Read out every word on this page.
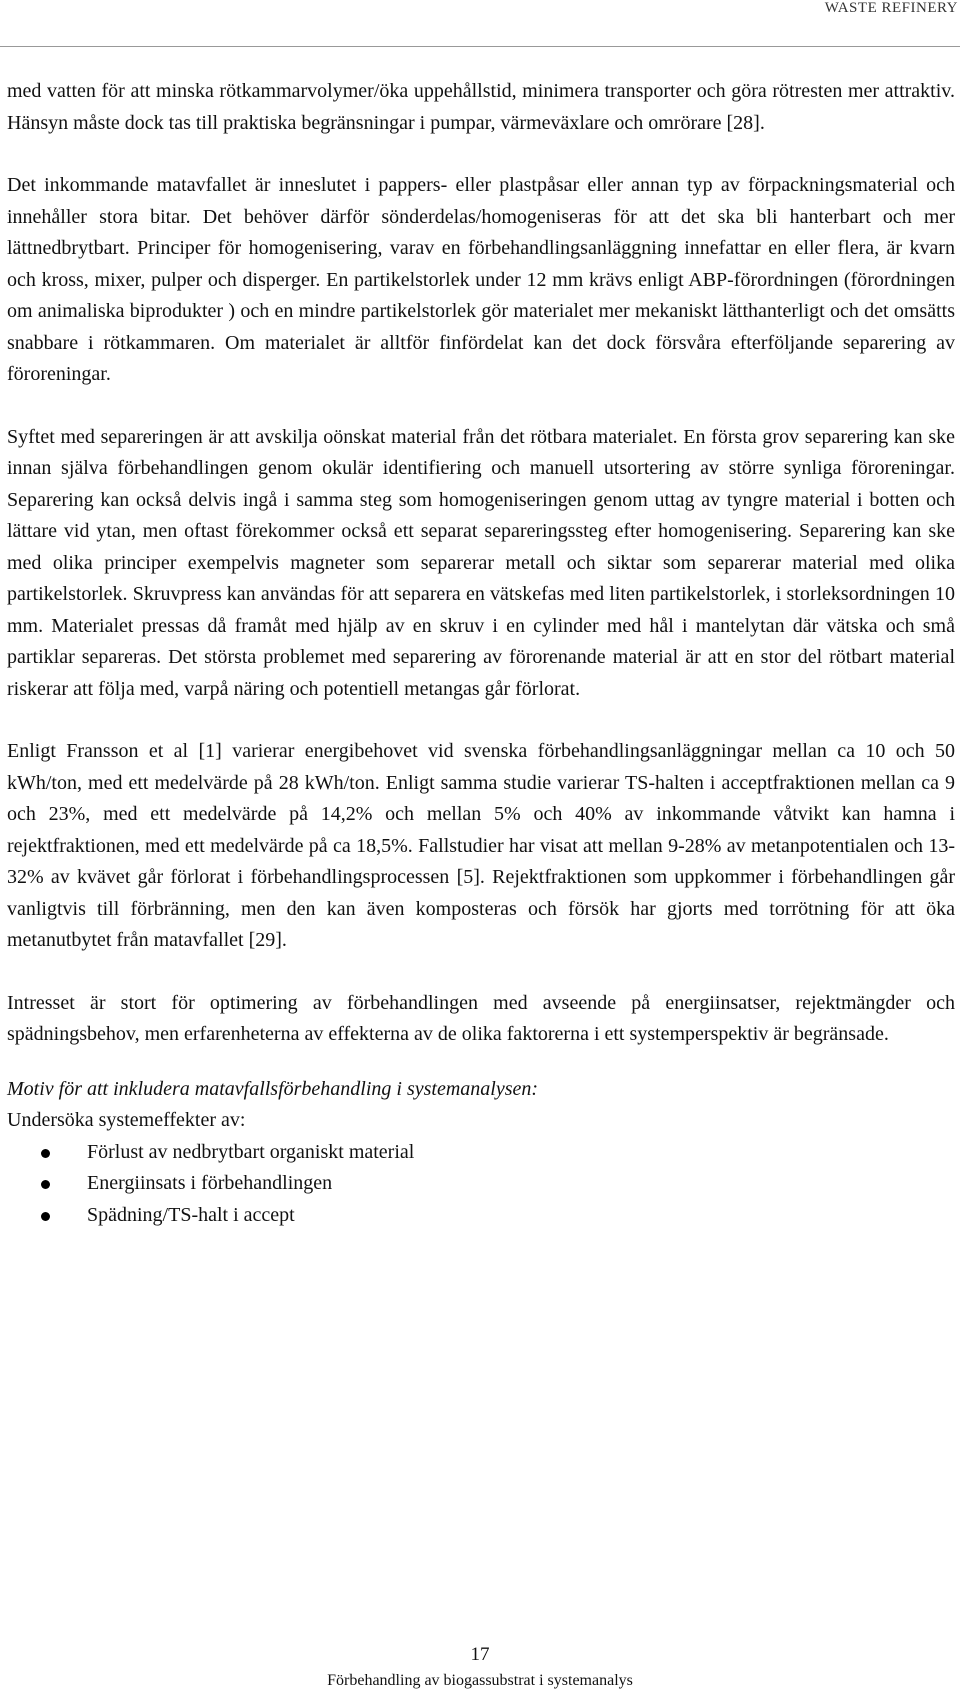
WASTE REFINERY

med vatten för att minska rötkammarvolymer/öka uppehållstid, minimera transporter och göra rötresten mer attraktiv. Hänsyn måste dock tas till praktiska begränsningar i pumpar, värmeväxlare och omrörare [28].

Det inkommande matavfallet är inneslutet i pappers- eller plastpåsar eller annan typ av förpackningsmaterial och innehåller stora bitar. Det behöver därför sönderdelas/homogeniseras för att det ska bli hanterbart och mer lättnedbrytbart. Principer för homogenisering, varav en förbehandlingsanläggning innefattar en eller flera, är kvarn och kross, mixer, pulper och disperger. En partikelstorlek under 12 mm krävs enligt ABP-förordningen (förordningen om animaliska biprodukter ) och en mindre partikelstorlek gör materialet mer mekaniskt lätthanterligt och det omsätts snabbare i rötkammaren. Om materialet är alltför finfördelat kan det dock försvåra efterföljande separering av föroreningar.

Syftet med separeringen är att avskilja oönskat material från det rötbara materialet. En första grov separering kan ske innan själva förbehandlingen genom okulär identifiering och manuell utsortering av större synliga föroreningar. Separering kan också delvis ingå i samma steg som homogeniseringen genom uttag av tyngre material i botten och lättare vid ytan, men oftast förekommer också ett separat separeringssteg efter homogenisering. Separering kan ske med olika principer exempelvis magneter som separerar metall och siktar som separerar material med olika partikelstorlek. Skruvpress kan användas för att separera en vätskefas med liten partikelstorlek, i storleksordningen 10 mm. Materialet pressas då framåt med hjälp av en skruv i en cylinder med hål i mantelytan där vätska och små partiklar separeras. Det största problemet med separering av förorenande material är att en stor del rötbart material riskerar att följa med, varpå näring och potentiell metangas går förlorat.

Enligt Fransson et al [1] varierar energibehovet vid svenska förbehandlingsanläggningar mellan ca 10 och 50 kWh/ton, med ett medelvärde på 28 kWh/ton. Enligt samma studie varierar TS-halten i acceptfraktionen mellan ca 9 och 23%, med ett medelvärde på 14,2% och mellan 5% och 40% av inkommande våtvikt kan hamna i rejektfraktionen, med ett medelvärde på ca 18,5%. Fallstudier har visat att mellan 9-28% av metanpotentialen och 13-32% av kvävet går förlorat i förbehandlingsprocessen [5]. Rejektfraktionen som uppkommer i förbehandlingen går vanligtvis till förbränning, men den kan även komposteras och försök har gjorts med torrötning för att öka metanutbytet från matavfallet [29].

Intresset är stort för optimering av förbehandlingen med avseende på energiinsatser, rejektmängder och spädningsbehov, men erfarenheterna av effekterna av de olika faktorerna i ett systemperspektiv är begränsade.

Motiv för att inkludera matavfallsförbehandling i systemanalysen:

Undersöka systemeffekter av:

Förlust av nedbrytbart organiskt material
Energiinsats i förbehandlingen
Spädning/TS-halt i accept
17
Förbehandling av biogassubstrat i systemanalys
